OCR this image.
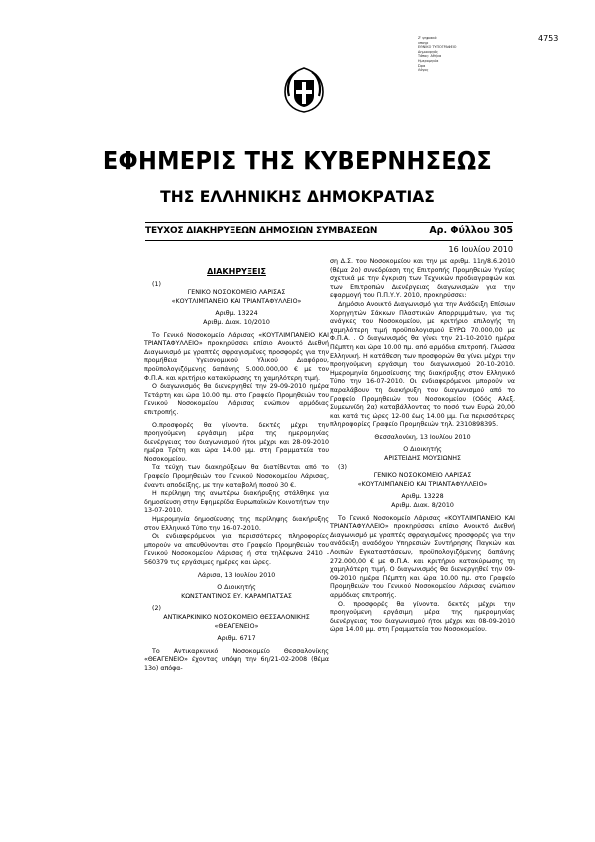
4753
Ζ' ψηφιακά
υπογρ
ΕΘΝΙΚΟ ΤΥΠΟΓΡΑΦΕΙΟ
Δημιουργός
Τόπος: Αθήνα
Ημερομηνία
Ώρα
Λόγος
ΕΦΗΜΕΡΙΣ ΤΗΣ ΚΥΒΕΡΝΗΣΕΩΣ
ΤΗΣ ΕΛΛΗΝΙΚΗΣ ΔΗΜΟΚΡΑΤΙΑΣ
ΤΕΥΧΟΣ ΔΙΑΚΗΡΥΞΕΩΝ ΔΗΜΟΣΙΩΝ ΣΥΜΒΑΣΕΩΝ	Αρ. Φύλλου 305
16 Ιουλίου 2010
ΔΙΑΚΗΡΥΞΕΙΣ

(1)

ΓΕΝΙΚΟ ΝΟΣΟΚΟΜΕΙΟ ΛΑΡΙΣΑΣ

«ΚΟΥΤΛΙΜΠΑΝΕΙΟ ΚΑΙ ΤΡΙΑΝΤΑΦΥΛΛΕΙΟ»

Αριθμ. 13224

Αριθμ. Διακ. 10/2010

Το Γενικό Νοσοκομείο Λάρισας «ΚΟΥΤΛΙΜΠΑΝΕΙΟ ΚΑΙ ΤΡΙΑΝΤΑΦΥΛΛΕΙΟ» προκηρύσσει επίσιο Ανοικτό Διεθνή Διαγωνισμό με γραπτές σφραγισμένες προσφορές για την προμήθεια Υγειονομικού Υλικού Διαφόρου, προϋπολογιζόμενης δαπάνης 5.000.000,00 € με τον Φ.Π.Α. και κριτήριο κατακύρωσης τη χαμηλότερη τιμή.

Ο διαγωνισμός θα διενεργηθεί την 29-09-2010 ημέρα Τετάρτη και ώρα 10.00 πμ. στο Γραφείο Προμηθειών του Γενικού Νοσοκομείου Λάρισας ενώπιον αρμόδιας επιτροπής.

Ο.προσφορές θα γίνοντα. δεκτές μέχρι την προηγούμενη εργάσιμη μέρα της ημερομηνίας διενέργειας του διαγωνισμού ήτοι μέχρι και 28-09-2010 ημέρα Τρίτη και ώρα 14.00 μμ. στη Γραμματεία του Νοσοκομείου.

Τα τεύχη των διακηρύξεων θα διατίθενται από το Γραφείο Προμηθειών του Γενικού Νοσοκομείου Λάρισας, έναντι αποδείξης, με την καταβολή ποσού 30 €.

Η περίληψη της ανωτέρω διακήρυξης στάλθηκε για δημοσίευση στην Εφημερίδα Ευρωπαϊκών Κοινοτήτων την 13-07-2010.

Ημερομηνία δημοσίευσης της περίληψης διακήρυξης στον Ελληνικό Τύπο την 16-07-2010.

Οι ενδιαφερόμενοι για περισσότερες πληροφορίες μπορούν να απευθύνονται στο Γραφείο Προμηθειών του Γενικού Νοσοκομείου Λάρισας ή στα τηλέφωνα 2410 - 560379 τις εργάσιμες ημέρες και ώρες.

Λάρισα, 13 Ιουλίου 2010

Ο Διοικητής

ΚΩΝΣΤΑΝΤΙΝΟΣ ΕΥ. ΚΑΡΑΜΠΑΤΣΑΣ

(2)

ΑΝΤΙΚΑΡΚΙΝΙΚΟ ΝΟΣΟΚΟΜΕΙΟ ΘΕΣΣΑΛΟΝΙΚΗΣ

«ΘΕΑΓΕΝΕΙΟ»

Αριθμ. 6717

Το Αντικαρκινικό Νοσοκομείο Θεσσαλονίκης «ΘΕΑΓΕΝΕΙΟ» έχοντας υπόψη την 6η/21-02-2008 (θέμα 13ο) απόφα-

ση Δ.Σ. του Νοσοκομείου και την με αριθμ. 11η/8.6.2010 (θέμα 2ο) συνεδρίαση της Επιτροπής Προμηθειών Υγείας σχετικά με την έγκριση των Τεχνικών προδιαγραφών και των Επιτροπών Διενέργειας διαγωνισμών για την εφαρμογή του Π.Π.Υ.Υ. 2010, προκηρύσσει:

Δημόσιο Ανοικτό Διαγωνισμό για την Ανάδειξη Επίσιων Χορηγητών Σάκκων Πλαστικών Απορριμμάτων, για τις ανάγκες του Νοσοκομείου, με κριτήριο επιλογής τη χαμηλότερη τιμή προϋπολογισμού ΕΥΡΩ 70.000,00 με Φ.Π.Α. . Ο διαγωνισμός θα γίνει την 21-10-2010 ημέρα Πέμπτη και ώρα 10.00 πμ. από αρμόδια επιτροπή. Γλώσσα Ελληνική. Η κατάθεση των προσφορών θα γίνει μέχρι την προηγούμενη εργάσιμη του διαγωνισμού 20-10-2010. Ημερομηνία δημοσίευσης της διακήρυξης στον Ελληνικό Τύπο την 16-07-2010. Οι ενδιαφερόμενοι μπορούν να παραλάβουν τη διακήρυξη του διαγωνισμού από το Γραφείο Προμηθειών του Νοσοκομείου (Οδός Αλεξ. Συμεωνίδη 2α) καταβάλλοντας το ποσό των Ευρώ 20,00 και κατά τις ώρες 12-00 έως 14.00 μμ. Για περισσότερες πληροφορίες Γραφείο Προμηθειών τηλ. 2310898395.

Θεσσαλονίκη, 13 Ιουλίου 2010

Ο Διοικητής

ΑΡΙΣΤΕΙΔΗΣ ΜΟΥΣΙΩΝΗΣ

(3)

ΓΕΝΙΚΟ ΝΟΣΟΚΟΜΕΙΟ ΛΑΡΙΣΑΣ

«ΚΟΥΤΛΙΜΠΑΝΕΙΟ ΚΑΙ ΤΡΙΑΝΤΑΦΥΛΛΕΙΟ»

Αριθμ. 13228

Αριθμ. Διακ. 8/2010

Το Γενικό Νοσοκομείο Λάρισας «ΚΟΥΤΛΙΜΠΑΝΕΙΟ ΚΑΙ ΤΡΙΑΝΤΑΦΥΛΛΕΙΟ» προκηρύσσει επίσιο Ανοικτό Διεθνή Διαγωνισμό με γραπτές σφραγισμένες προσφορές για την ανάδειξη αναδόχου Υπηρεσιών Συντήρησης Παγκών και Λοιπών Εγκαταστάσεων, προϋπολογιζόμενης δαπάνης 272.000,00 € με Φ.Π.Α. και κριτήριο κατακύρωσης τη χαμηλότερη τιμή. Ο διαγωνισμός θα διενεργηθεί την 09-09-2010 ημέρα Πέμπτη και ώρα 10.00 πμ. στο Γραφείο Προμηθειών του Γενικού Νοσοκομείου Λάρισας ενώπιον αρμόδιας επιτροπής.

Ο. προσφορές θα γίνοντα. δεκτές μέχρι την προηγούμενη εργάσιμη μέρα της ημερομηνίας διενέργειας του διαγωνισμού ήτοι μέχρι και 08-09-2010 ώρα 14.00 μμ. στη Γραμματεία του Νοσοκομείου.
